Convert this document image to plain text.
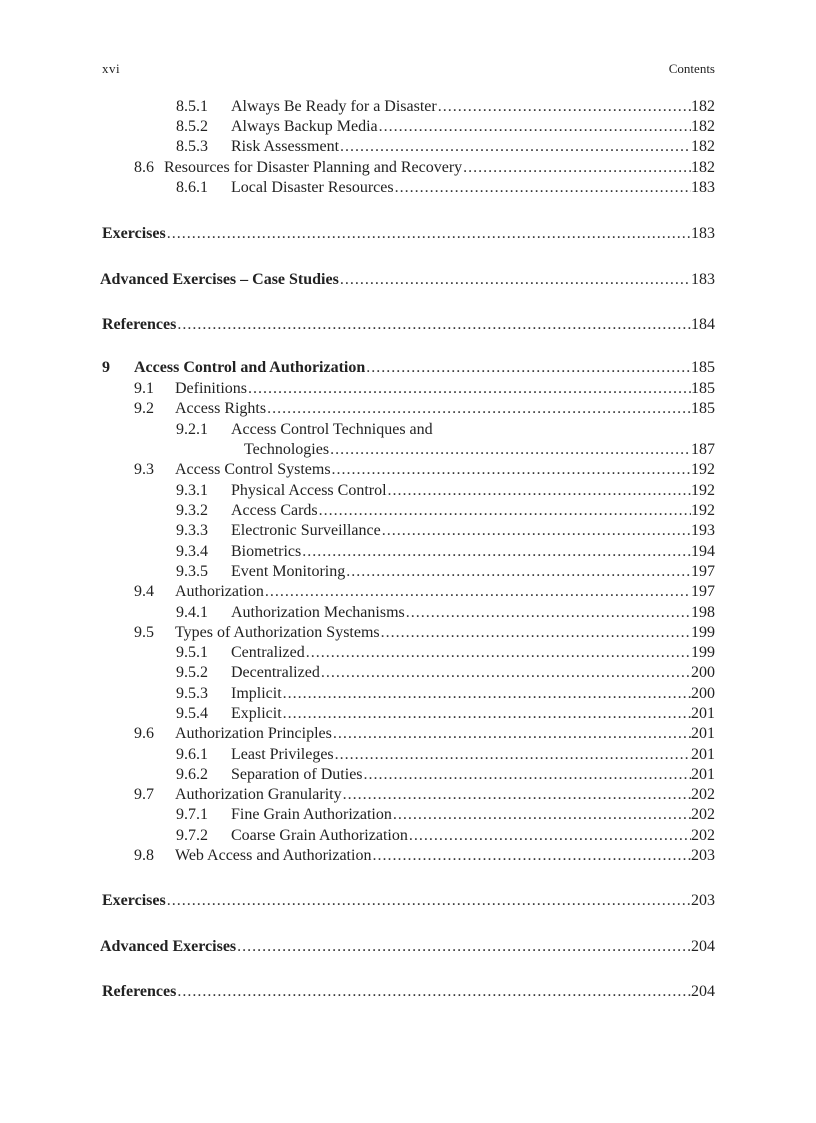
xvi	Contents
8.5.1 Always Be Ready for a Disaster .....	182
8.5.2 Always Backup Media .....	182
8.5.3 Risk Assessment .....	182
8.6 Resources for Disaster Planning and Recovery .....	182
8.6.1 Local Disaster Resources .....	183
Exercises .....	183
Advanced Exercises – Case Studies .....	183
References .....	184
9 Access Control and Authorization .....	185
9.1 Definitions .....	185
9.2 Access Rights .....	185
9.2.1 Access Control Techniques and
Technologies .....	187
9.3 Access Control Systems .....	192
9.3.1 Physical Access Control .....	192
9.3.2 Access Cards .....	192
9.3.3 Electronic Surveillance .....	193
9.3.4 Biometrics .....	194
9.3.5 Event Monitoring .....	197
9.4 Authorization .....	197
9.4.1 Authorization Mechanisms .....	198
9.5 Types of Authorization Systems .....	199
9.5.1 Centralized .....	199
9.5.2 Decentralized .....	200
9.5.3 Implicit .....	200
9.5.4 Explicit .....	201
9.6 Authorization Principles .....	201
9.6.1 Least Privileges .....	201
9.6.2 Separation of Duties .....	201
9.7 Authorization Granularity .....	202
9.7.1 Fine Grain Authorization .....	202
9.7.2 Coarse Grain Authorization .....	202
9.8 Web Access and Authorization .....	203
Exercises .....	203
Advanced Exercises .....	204
References .....	204
